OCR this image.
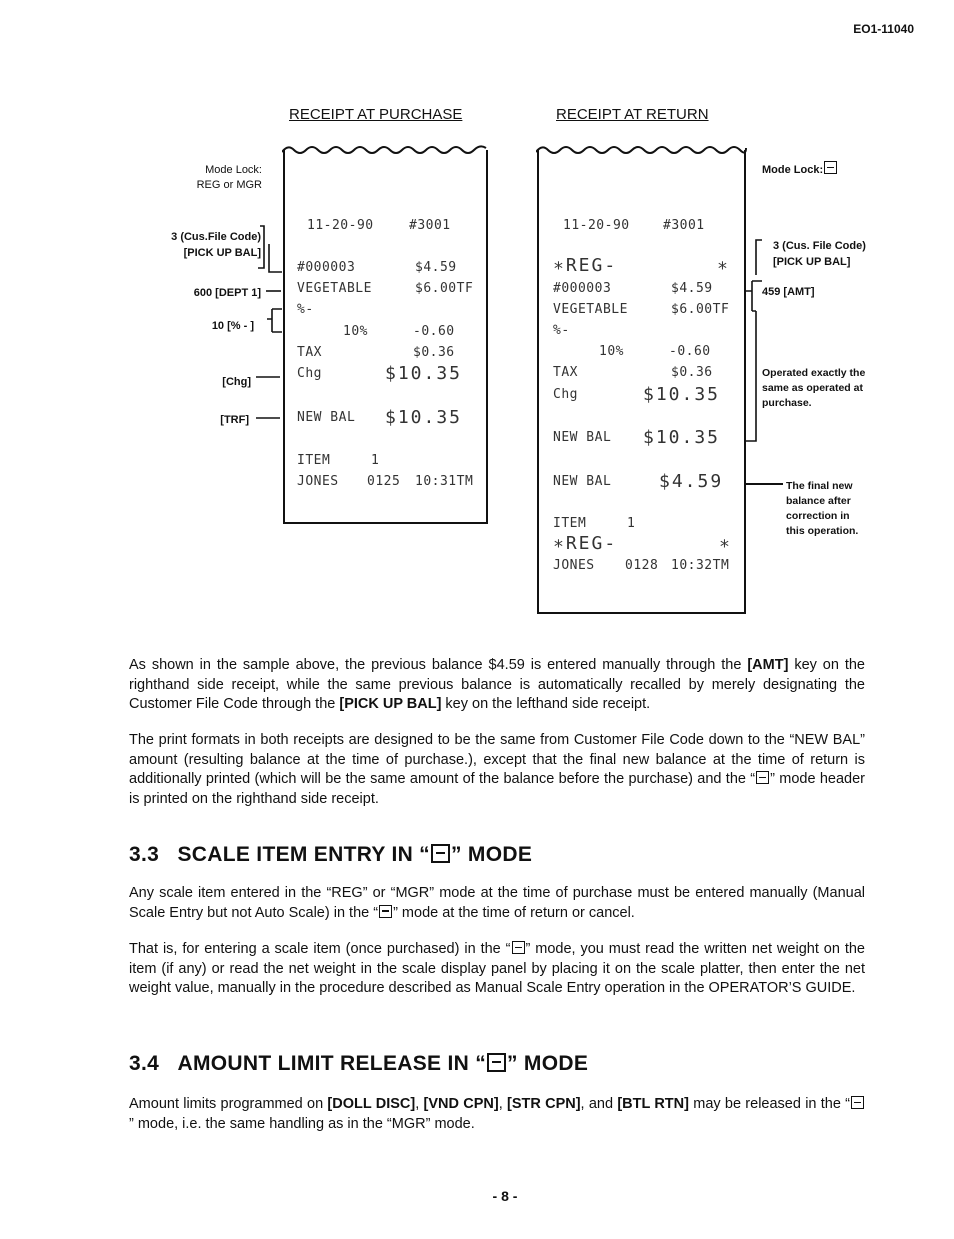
EO1-11040
RECEIPT AT PURCHASE	RECEIPT AT RETURN
Mode Lock:
REG or MGR
3 (Cus.File Code)
[PICK UP BAL]
600 [DEPT 1]
10 [% - ]
[Chg]
[TRF]
11-20-90	#3001
#000003	$4.59
VEGETABLE	$6.00TF
%-
10%	-0.60
TAX	$0.36
Chg	$10.35
NEW BAL $10.35
ITEM	1
JONES 0125 10:31TM
11-20-90	#3001
∗REG-	∗
#000003	$4.59
VEGETABLE	$6.00TF
%-
10%	-0.60
TAX	$0.36
Chg	$10.35
NEW BAL $10.35
NEW BAL	$4.59
ITEM	1
∗REG-	∗
JONES 0128 10:32TM
Mode Lock:
3 (Cus. File Code)
[PICK UP BAL]
459 [AMT]
Operated exactly the
same as operated at
purchase.
The final new
balance after
correction in
this operation.
As shown in the sample above, the previous balance $4.59 is entered manually through the [AMT] key on the righthand side receipt, while the same previous balance is automatically recalled by merely designating the Customer File Code through the [PICK UP BAL] key on the lefthand side receipt.
The print formats in both receipts are designed to be the same from Customer File Code down to the “NEW BAL” amount (resulting balance at the time of purchase.), except that the final new balance at the time of return is additionally printed (which will be the same amount of the balance before the purchase) and the “ ” mode header is printed on the righthand side receipt.
3.3 SCALE ITEM ENTRY IN “ ” MODE
Any scale item entered in the “REG” or “MGR” mode at the time of purchase must be entered manually (Manual Scale Entry but not Auto Scale) in the “ ” mode at the time of return or cancel.
That is, for entering a scale item (once purchased) in the “ ” mode, you must read the written net weight on the item (if any) or read the net weight in the scale display panel by placing it on the scale platter, then enter the net weight value, manually in the procedure described as Manual Scale Entry operation in the OPERATOR’S GUIDE.
3.4 AMOUNT LIMIT RELEASE IN “ ” MODE
Amount limits programmed on [DOLL DISC], [VND CPN], [STR CPN], and [BTL RTN] may be released in the “” mode, i.e. the same handling as in the “MGR” mode.
- 8 -
